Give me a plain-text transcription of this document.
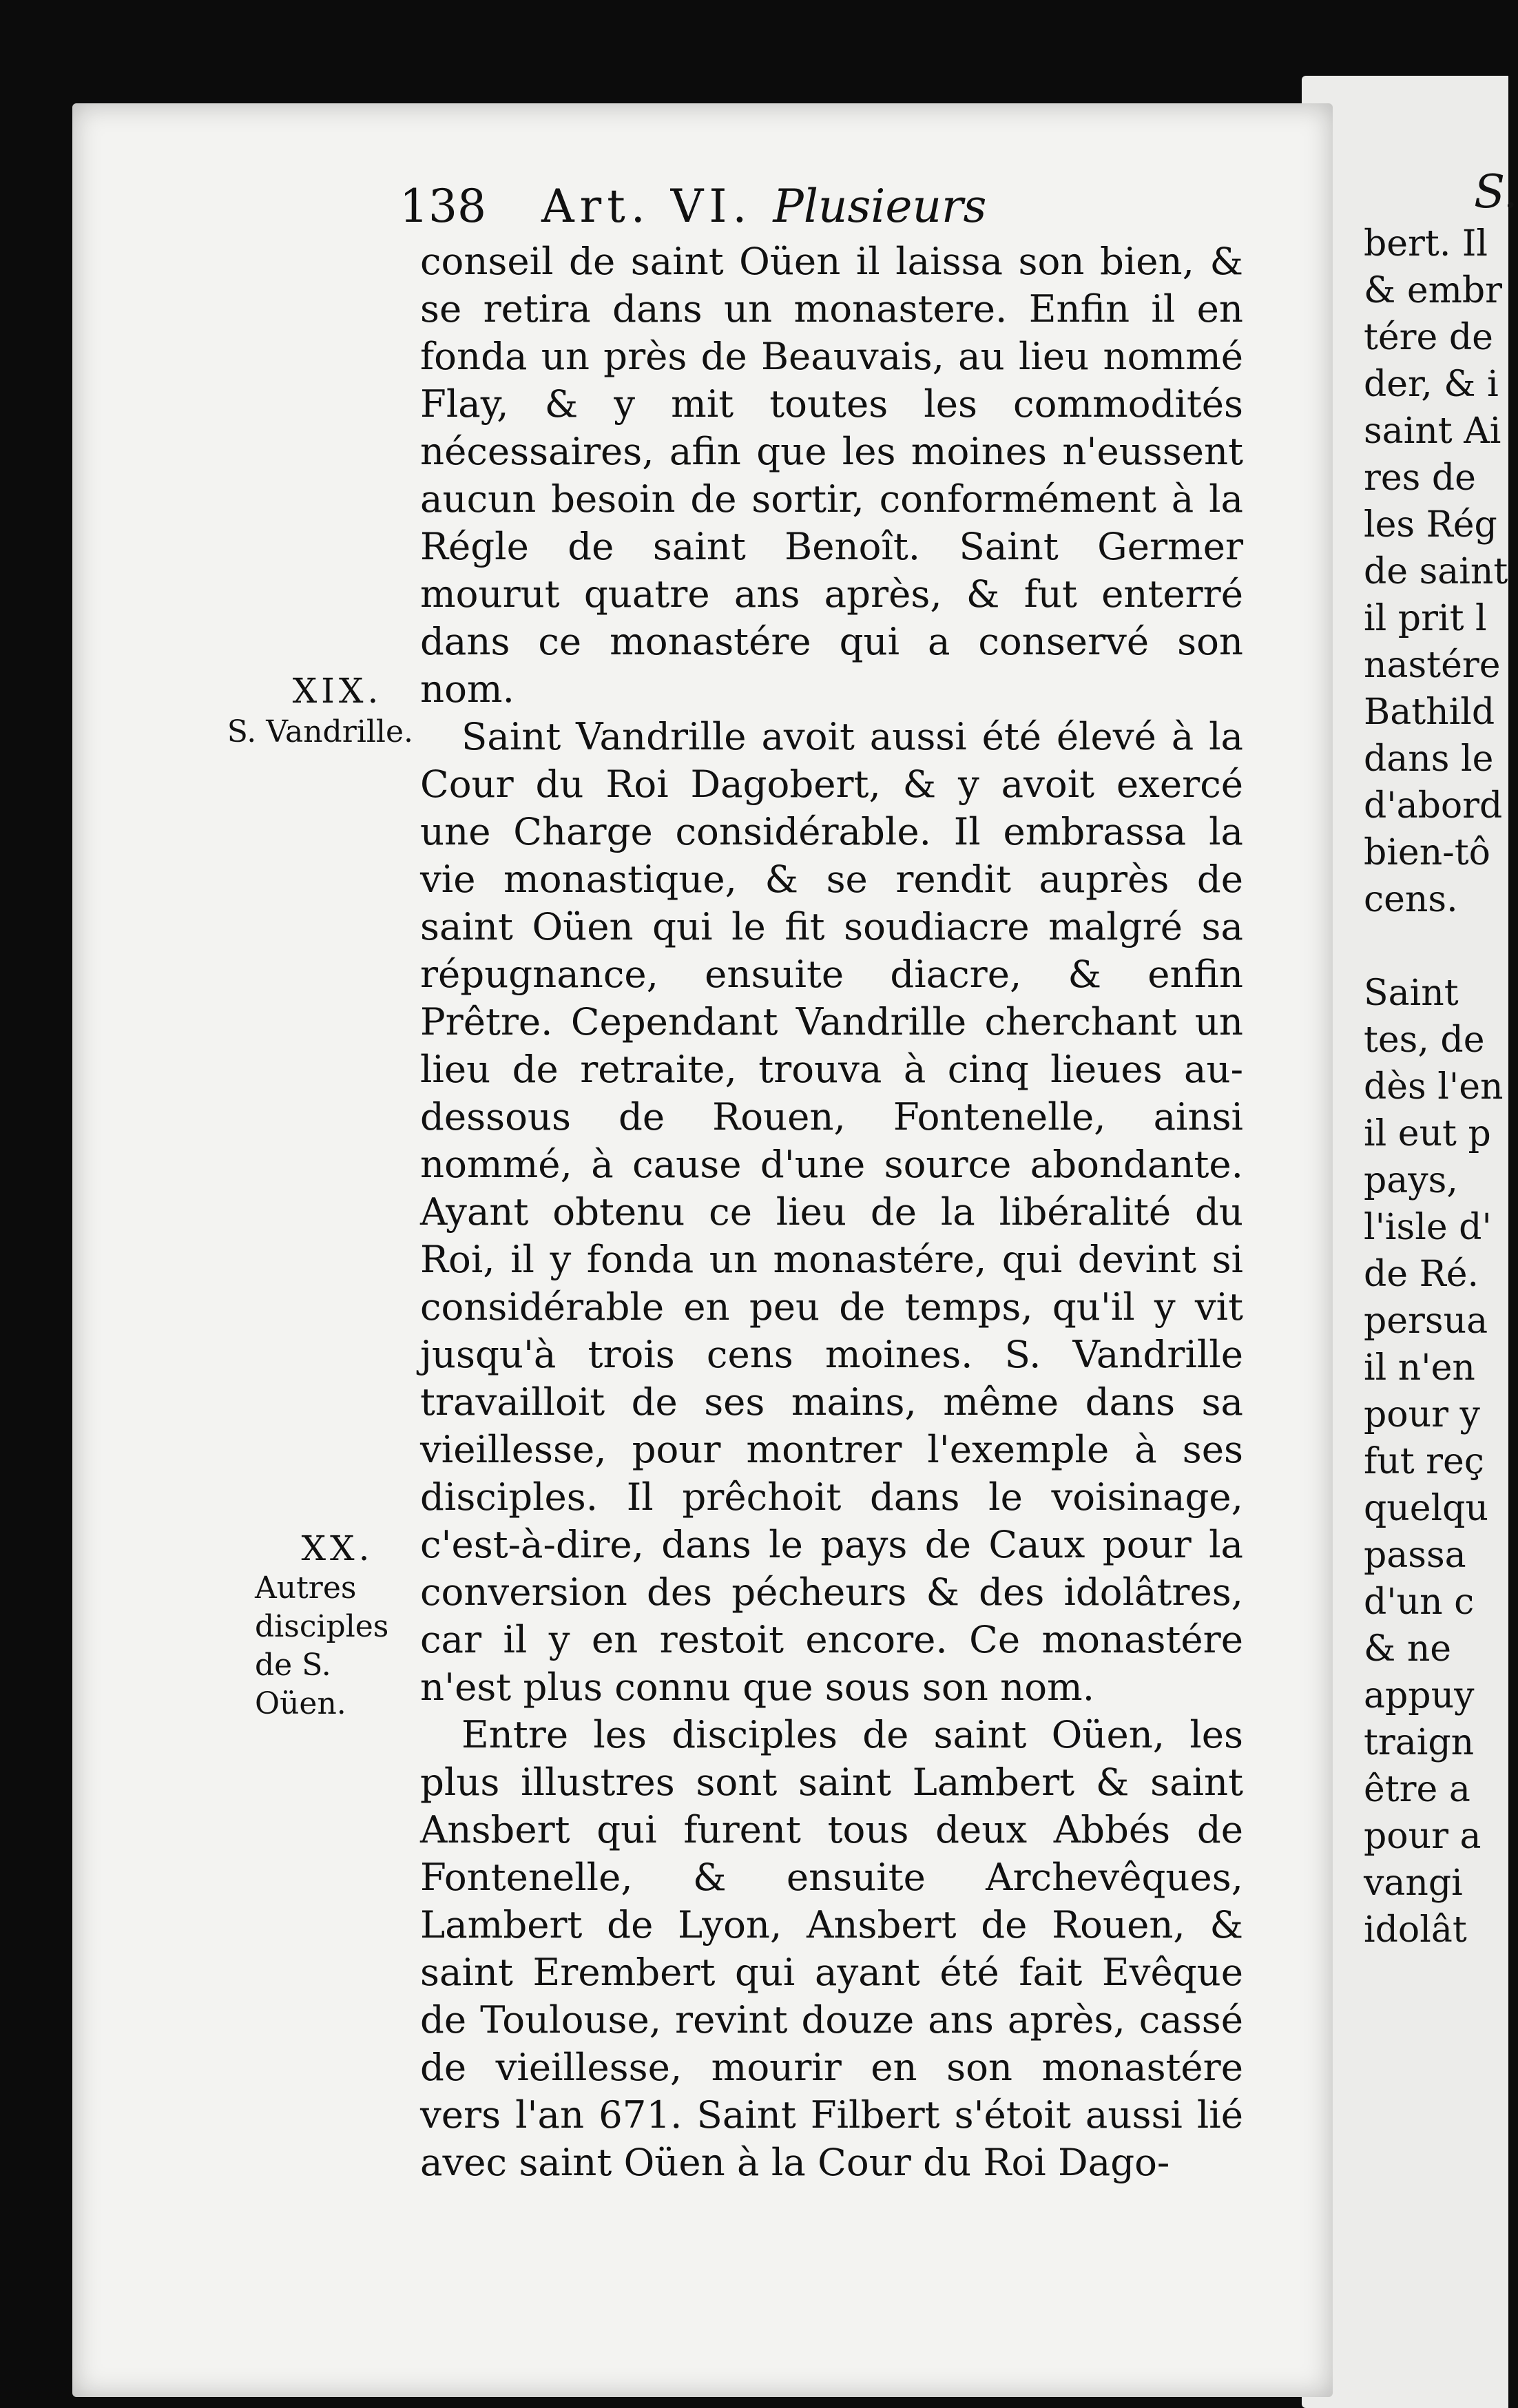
138 Art. VI. Plusieurs
XIX.
S. Vandrille.
XX.
Autres disciples de S. Oüen.

conseil de saint Oüen il laissa son bien, & se retira dans un monastere. Enfin il en fonda un près de Beauvais, au lieu nommé Flay, & y mit toutes les commodités nécessaires, afin que les moines n'eussent aucun besoin de sortir, conformément à la Régle de saint Benoît. Saint Germer mourut quatre ans après, & fut enterré dans ce monastére qui a conservé son nom.

Saint Vandrille avoit aussi été élevé à la Cour du Roi Dagobert, & y avoit exercé une Charge considérable. Il embrassa la vie monastique, & se rendit auprès de saint Oüen qui le fit soudiacre malgré sa répugnance, ensuite diacre, & enfin Prêtre. Cependant Vandrille cherchant un lieu de retraite, trouva à cinq lieues au-dessous de Rouen, Fontenelle, ainsi nommé, à cause d'une source abondante. Ayant obtenu ce lieu de la libéralité du Roi, il y fonda un monastére, qui devint si considérable en peu de temps, qu'il y vit jusqu'à trois cens moines. S. Vandrille travailloit de ses mains, même dans sa vieillesse, pour montrer l'exemple à ses disciples. Il prêchoit dans le voisinage, c'est-à-dire, dans le pays de Caux pour la conversion des pécheurs & des idolâtres, car il y en restoit encore. Ce monastére n'est plus connu que sous son nom.

Entre les disciples de saint Oüen, les plus illustres sont saint Lambert & saint Ansbert qui furent tous deux Abbés de Fontenelle, & ensuite Archevêques, Lambert de Lyon, Ansbert de Rouen, & saint Erembert qui ayant été fait Evêque de Toulouse, revint douze ans après, cassé de vieillesse, mourir en son monastére vers l'an 671. Saint Filbert s'étoit aussi lié avec saint Oüen à la Cour du Roi Dago-

S.
bert. Il
& embr
tére de
der, & i
saint Ai
res de
les Rég
de saint
il prit l
nastére
Bathild
dans le
d'abord
bien-tô
cens.

Saint
tes, de
dès l'en
il eut p
pays,
l'isle d'
de Ré.
persua
il n'en
pour y
fut reç
quelqu
passa
d'un c
& ne
appuy
traign
être a
pour a
vangi
idolât
